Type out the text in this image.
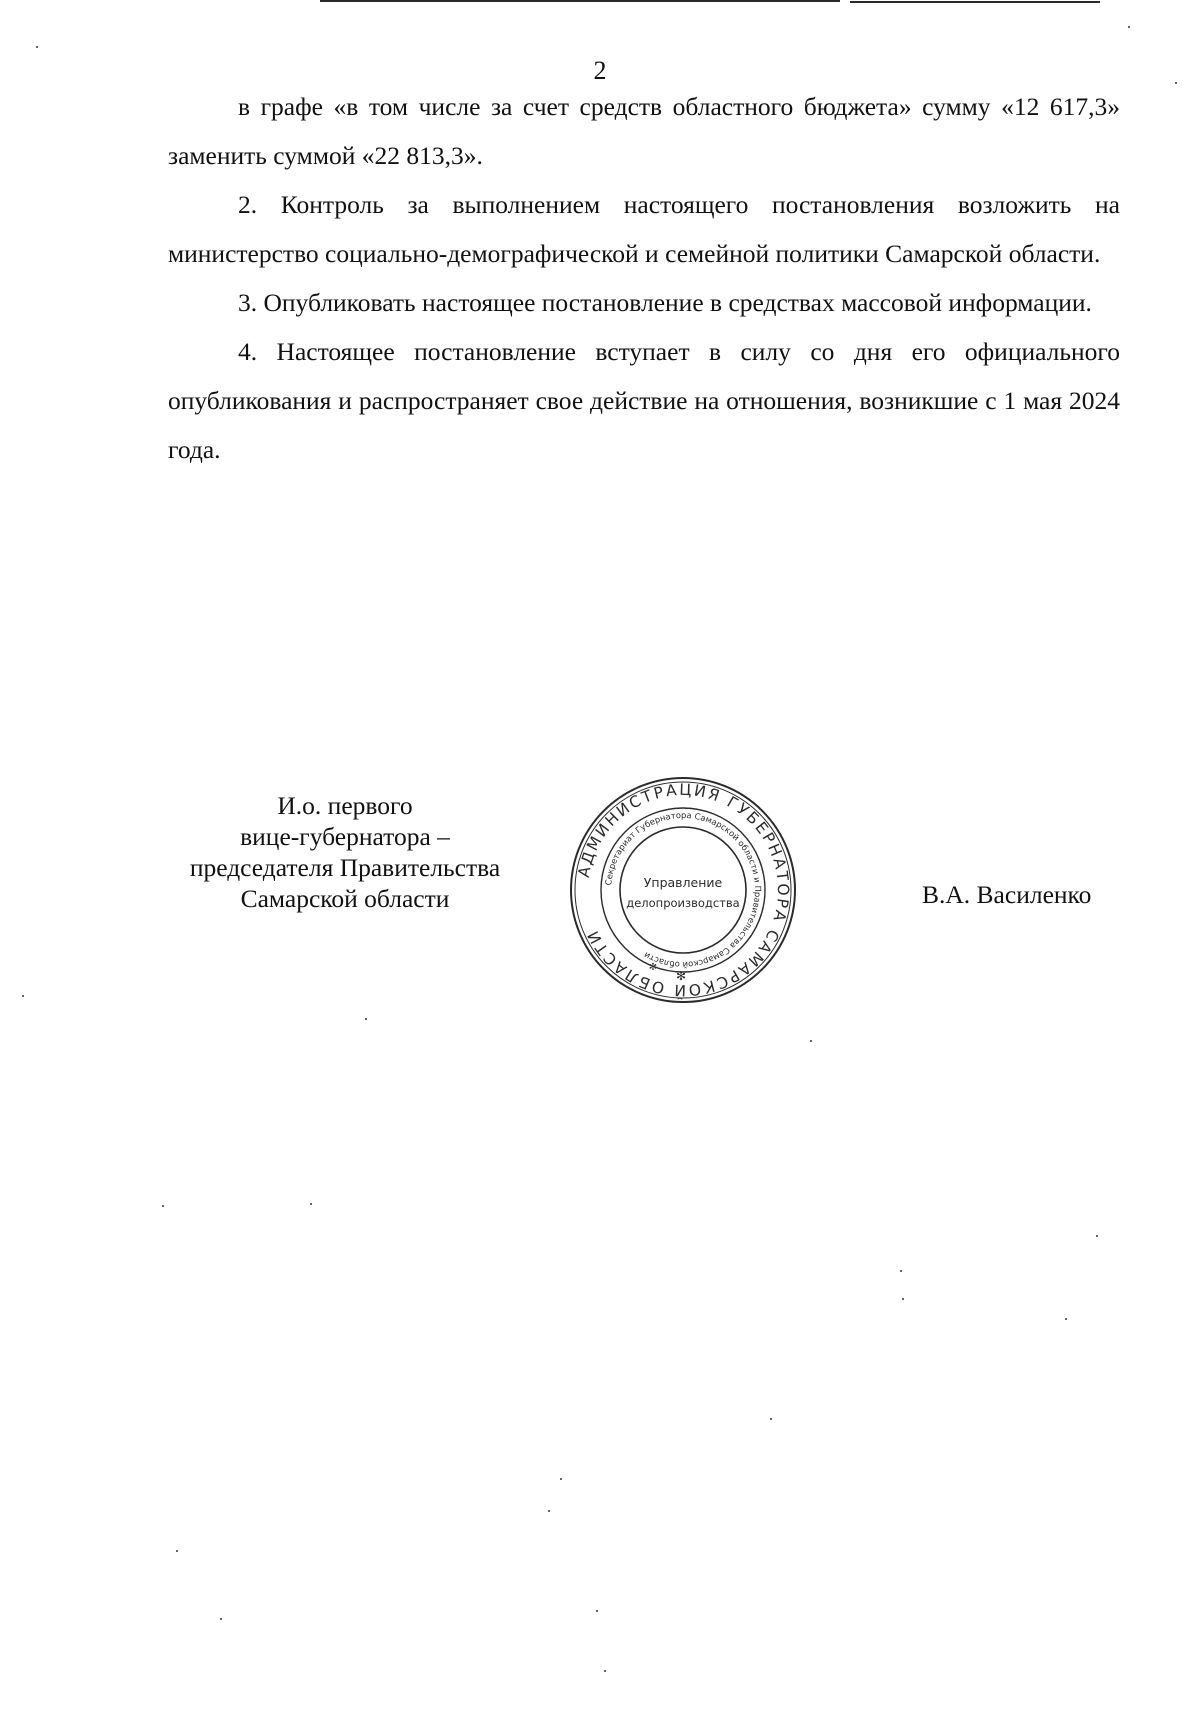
2

в графе «в том числе за счет средств областного бюджета» сумму «12 617,3» заменить суммой «22 813,3».

2. Контроль за выполнением настоящего постановления возложить на министерство социально-демографической и семейной политики Самарской области.

3. Опубликовать настоящее постановление в средствах массовой информации.

4. Настоящее постановление вступает в силу со дня его официального опубликования и распространяет свое действие на отношения, возникшие с 1 мая 2024 года.

И.о. первого
вице-губернатора –
председателя Правительства
Самарской области
АДМИНИСТРАЦИЯ ГУБЕРНАТОРА САМАРСКОЙ ОБЛАСТИ
Секретариат Губернатора Самарской области и Правительства Самарской области
Управление
делопроизводства
✻
✻
В.А. Василенко
